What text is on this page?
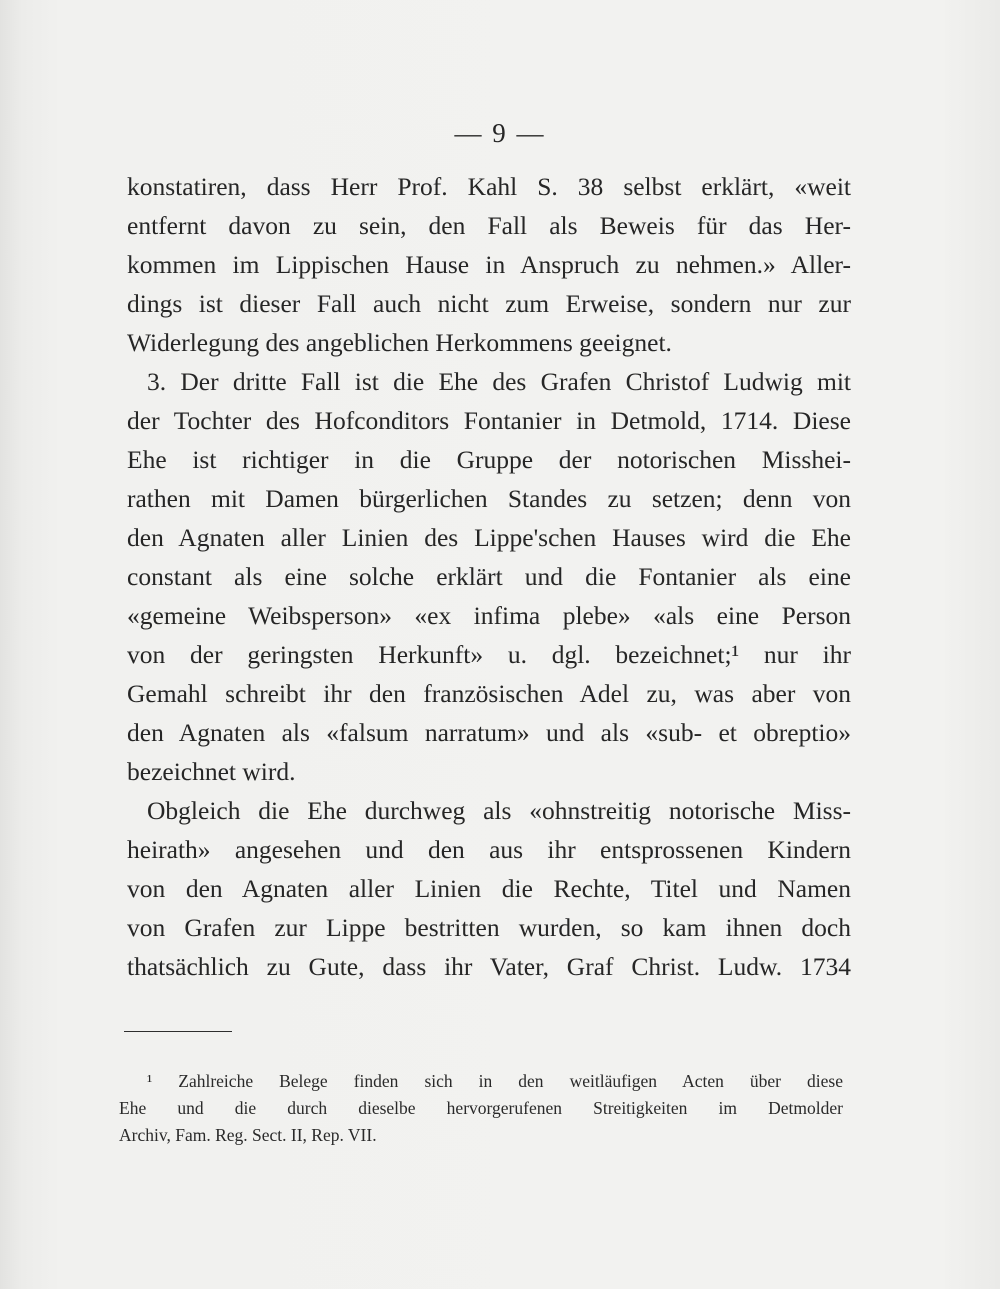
— 9 —
konstatiren, dass Herr Prof. Kahl S. 38 selbst erklärt, «weit
entfernt davon zu sein, den Fall als Beweis für das Her-
kommen im Lippischen Hause in Anspruch zu nehmen.» Aller-
dings ist dieser Fall auch nicht zum Erweise, sondern nur zur
Widerlegung des angeblichen Herkommens geeignet.
3. Der dritte Fall ist die Ehe des Grafen Christof Ludwig mit
der Tochter des Hofconditors Fontanier in Detmold, 1714. Diese
Ehe ist richtiger in die Gruppe der notorischen Misshei-
rathen mit Damen bürgerlichen Standes zu setzen; denn von
den Agnaten aller Linien des Lippe'schen Hauses wird die Ehe
constant als eine solche erklärt und die Fontanier als eine
«gemeine Weibsperson» «ex infima plebe» «als eine Person
von der geringsten Herkunft» u. dgl. bezeichnet;¹ nur ihr
Gemahl schreibt ihr den französischen Adel zu, was aber von
den Agnaten als «falsum narratum» und als «sub- et obreptio»
bezeichnet wird.
Obgleich die Ehe durchweg als «ohnstreitig notorische Miss-
heirath» angesehen und den aus ihr entsprossenen Kindern
von den Agnaten aller Linien die Rechte, Titel und Namen
von Grafen zur Lippe bestritten wurden, so kam ihnen doch
thatsächlich zu Gute, dass ihr Vater, Graf Christ. Ludw. 1734
¹ Zahlreiche Belege finden sich in den weitläufigen Acten über diese
Ehe und die durch dieselbe hervorgerufenen Streitigkeiten im Detmolder
Archiv, Fam. Reg. Sect. II, Rep. VII.
